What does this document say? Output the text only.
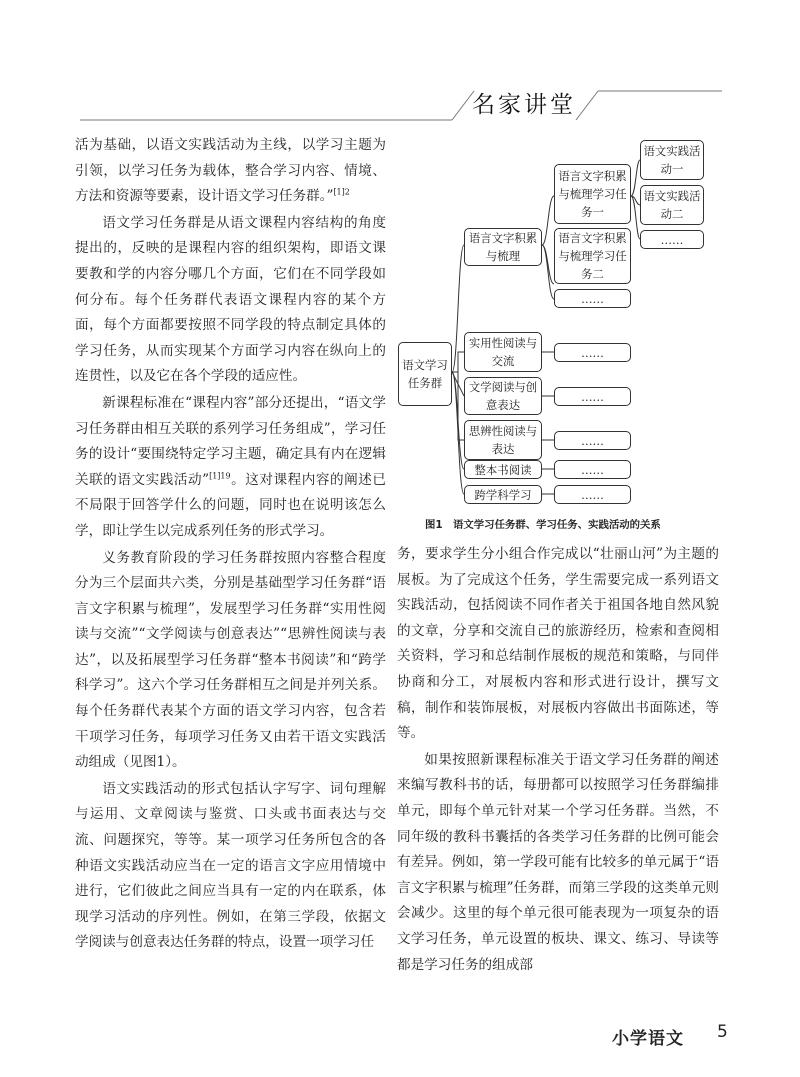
名家讲堂

活为基础，以语文实践活动为主线，以学习主题为引领，以学习任务为载体，整合学习内容、情境、方法和资源等要素，设计语文学习任务群。”$^{[1]2}$

语文学习任务群是从语文课程内容结构的角度提出的，反映的是课程内容的组织架构，即语文课要教和学的内容分哪几个方面，它们在不同学段如何分布。每个任务群代表语文课程内容的某个方面，每个方面都要按照不同学段的特点制定具体的学习任务，从而实现某个方面学习内容在纵向上的连贯性，以及它在各个学段的适应性。

新课程标准在“课程内容”部分还提出，“语文学习任务群由相互关联的系列学习任务组成”，学习任务的设计“要围绕特定学习主题，确定具有内在逻辑关联的语文实践活动”$^{[1]19}$。这对课程内容的阐述已不局限于回答学什么的问题，同时也在说明该怎么学，即让学生以完成系列任务的形式学习。

义务教育阶段的学习任务群按照内容整合程度分为三个层面共六类，分别是基础型学习任务群“语言文字积累与梳理”，发展型学习任务群“实用性阅读与交流”“文学阅读与创意表达”“思辨性阅读与表达”，以及拓展型学习任务群“整本书阅读”和“跨学科学习”。这六个学习任务群相互之间是并列关系。每个任务群代表某个方面的语文学习内容，包含若干项学习任务，每项学习任务又由若干语文实践活动组成（见图1）。

语文实践活动的形式包括认字写字、词句理解与运用、文章阅读与鉴赏、口头或书面表达与交流、问题探究，等等。某一项学习任务所包含的各种语文实践活动应当在一定的语言文字应用情境中进行，它们彼此之间应当具有一定的内在联系，体现学习活动的序列性。例如，在第三学段，依据文学阅读与创意表达任务群的特点，设置一项学习任

语文学习任务群
语言文字积累与梳理
实用性阅读与交流
文学阅读与创意表达
思辨性阅读与表达
整本书阅读
跨学科学习
语言文字积累与梳理学习任务一
语言文字积累与梳理学习任务二
……
语文实践活动一
语文实践活动二
……
……
……
……
……
……
图1　语文学习任务群、学习任务、实践活动的关系

务，要求学生分小组合作完成以“壮丽山河”为主题的展板。为了完成这个任务，学生需要完成一系列语文实践活动，包括阅读不同作者关于祖国各地自然风貌的文章，分享和交流自己的旅游经历，检索和查阅相关资料，学习和总结制作展板的规范和策略，与同伴协商和分工，对展板内容和形式进行设计，撰写文稿，制作和装饰展板，对展板内容做出书面陈述，等等。

如果按照新课程标准关于语文学习任务群的阐述来编写教科书的话，每册都可以按照学习任务群编排单元，即每个单元针对某一个学习任务群。当然，不同年级的教科书囊括的各类学习任务群的比例可能会有差异。例如，第一学段可能有比较多的单元属于“语言文字积累与梳理”任务群，而第三学段的这类单元则会减少。这里的每个单元很可能表现为一项复杂的语文学习任务，单元设置的板块、课文、练习、导读等都是学习任务的组成部

小学语文 5
